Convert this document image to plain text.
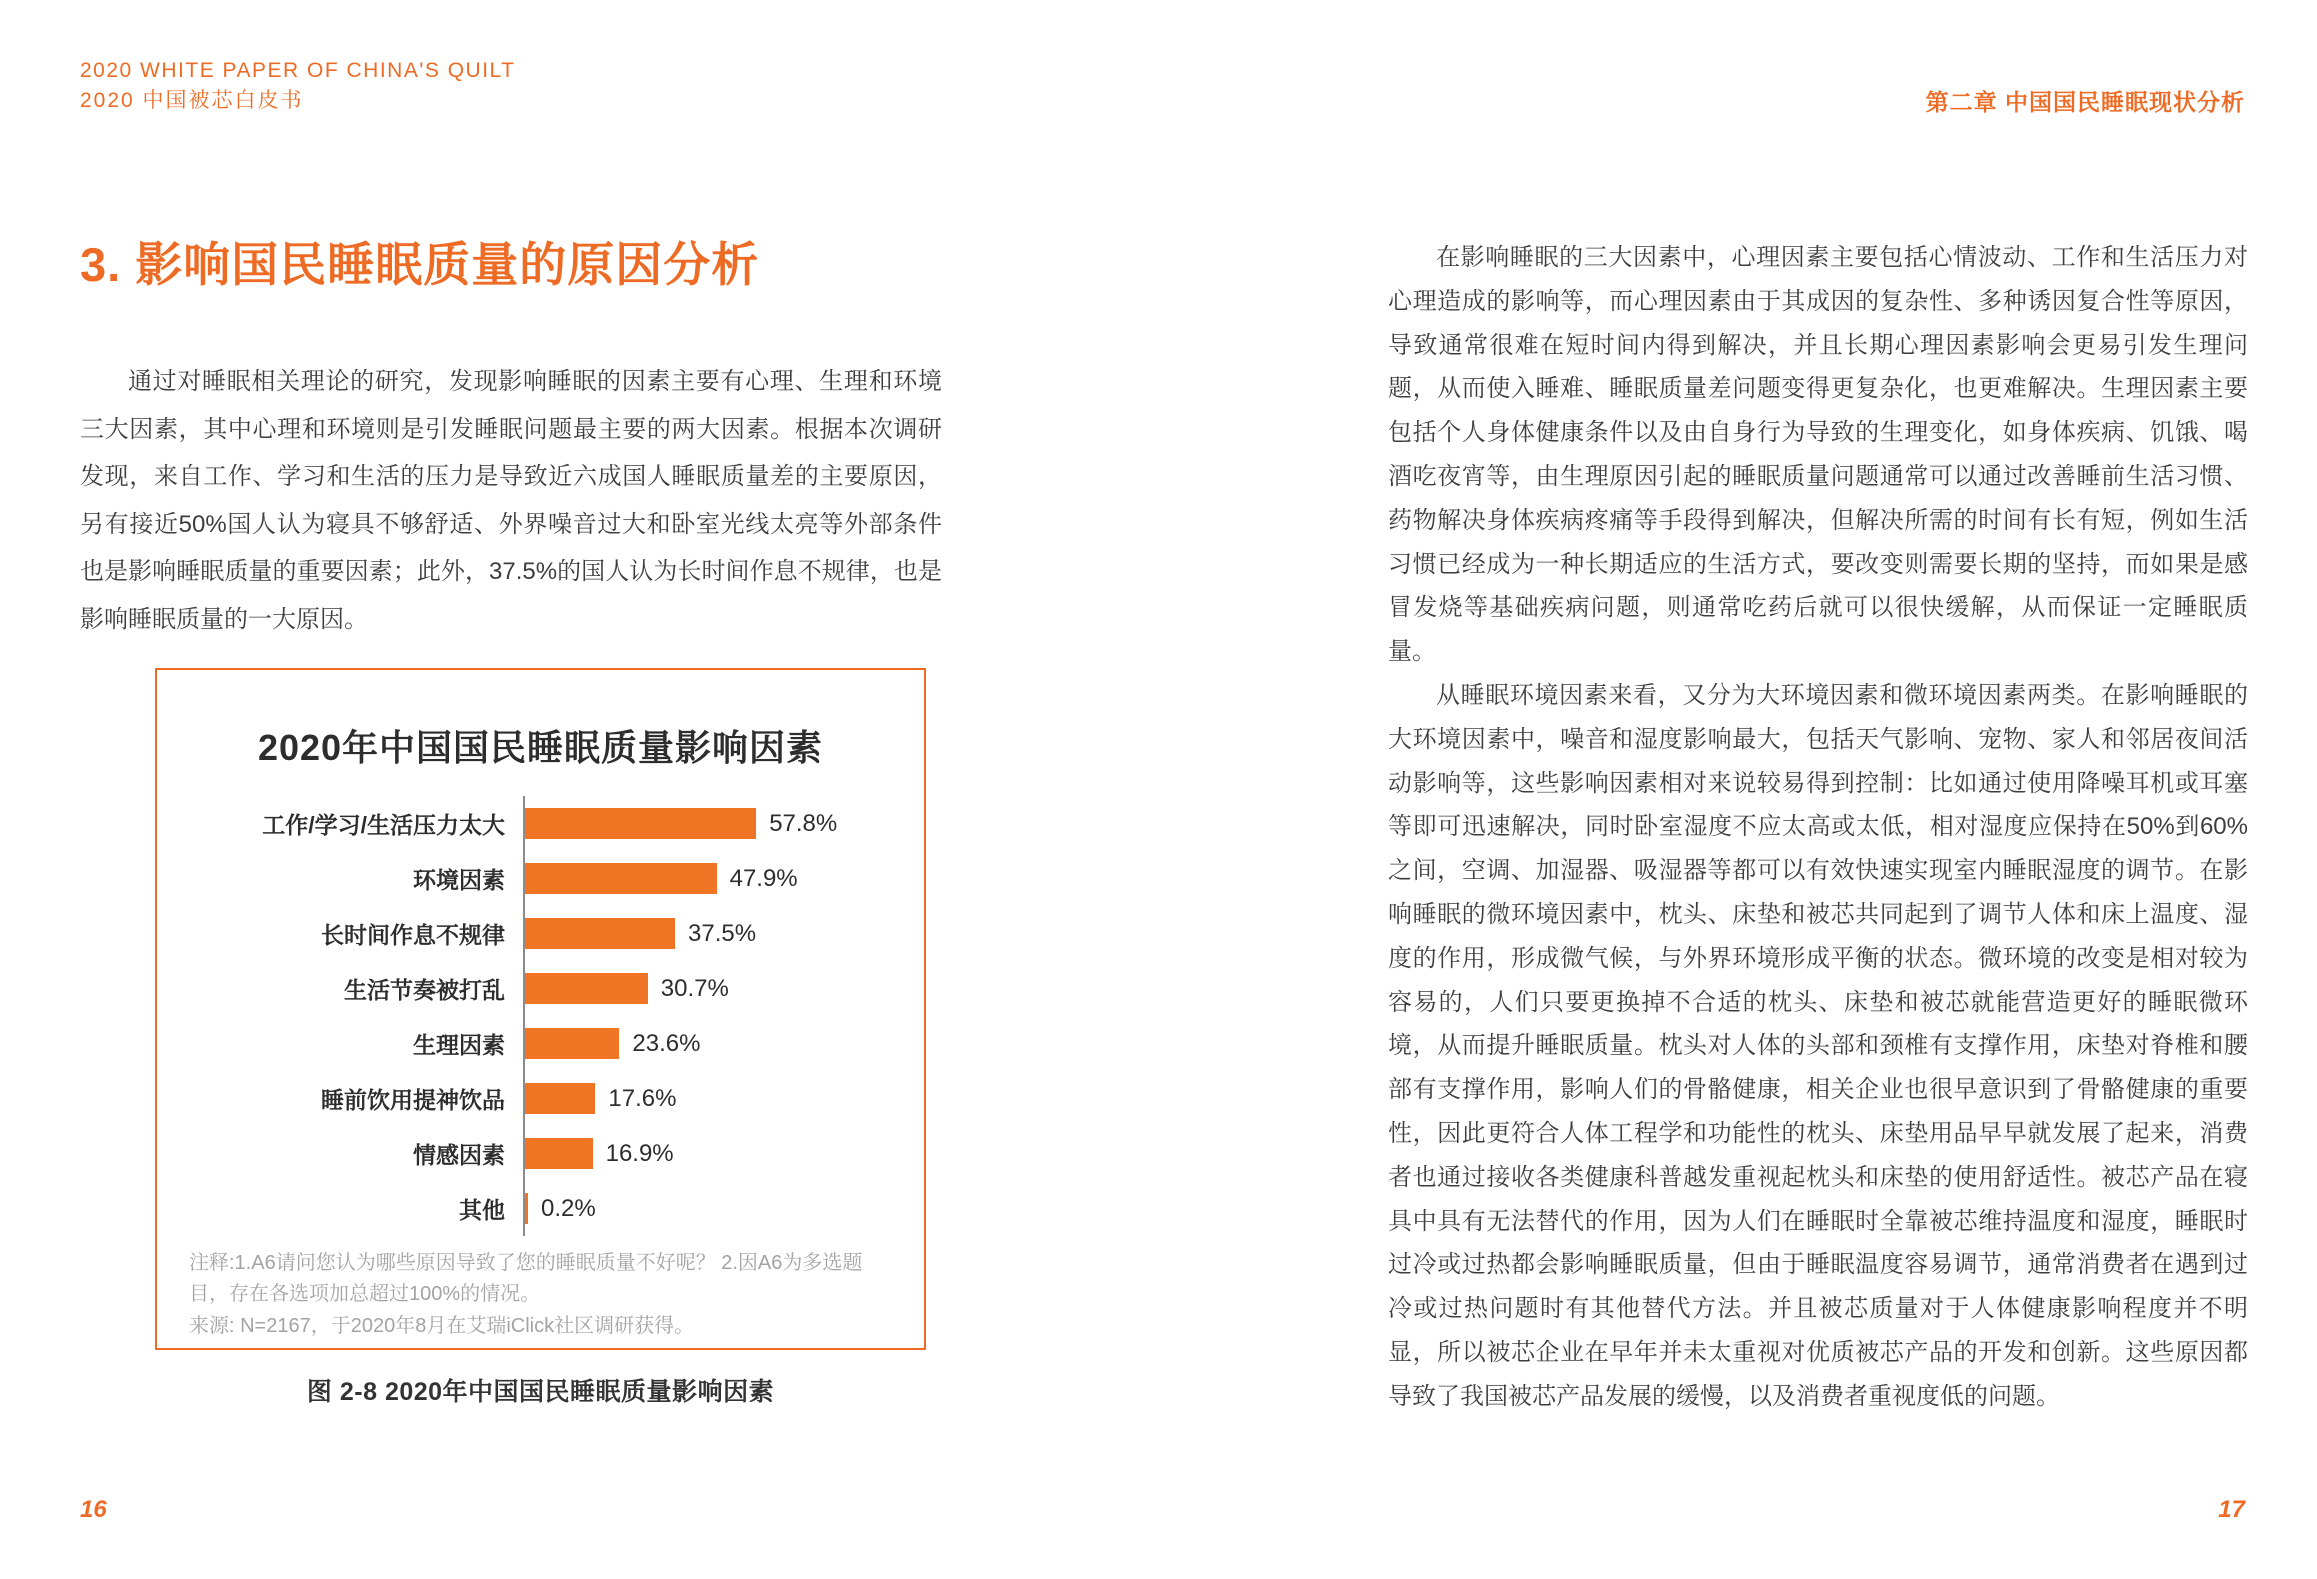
2020 WHITE PAPER OF CHINA'S QUILT
2020 中国被芯白皮书	第二章 中国国民睡眠现状分析
3. 影响国民睡眠质量的原因分析

通过对睡眠相关理论的研究，发现影响睡眠的因素主要有心理、生理和环境三大因素，其中心理和环境则是引发睡眠问题最主要的两大因素。根据本次调研发现，来自工作、学习和生活的压力是导致近六成国人睡眠质量差的主要原因，另有接近50%国人认为寝具不够舒适、外界噪音过大和卧室光线太亮等外部条件也是影响睡眠质量的重要因素；此外，37.5%的国人认为长时间作息不规律，也是影响睡眠质量的一大原因。

2020年中国国民睡眠质量影响因素
工作/学习/生活压力太大	57.8%
环境因素	47.9%
长时间作息不规律	37.5%
生活节奏被打乱	30.7%
生理因素	23.6%
睡前饮用提神饮品	17.6%
情感因素	16.9%
其他	0.2%
注释:1.A6请问您认为哪些原因导致了您的睡眠质量不好呢？ 2.因A6为多选题目，存在各选项加总超过100%的情况。
来源: N=2167，于2020年8月在艾瑞iClick社区调研获得。
图 2-8 2020年中国国民睡眠质量影响因素

在影响睡眠的三大因素中，心理因素主要包括心情波动、工作和生活压力对心理造成的影响等，而心理因素由于其成因的复杂性、多种诱因复合性等原因，导致通常很难在短时间内得到解决，并且长期心理因素影响会更易引发生理问题，从而使入睡难、睡眠质量差问题变得更复杂化，也更难解决。生理因素主要包括个人身体健康条件以及由自身行为导致的生理变化，如身体疾病、饥饿、喝酒吃夜宵等，由生理原因引起的睡眠质量问题通常可以通过改善睡前生活习惯、药物解决身体疾病疼痛等手段得到解决，但解决所需的时间有长有短，例如生活习惯已经成为一种长期适应的生活方式，要改变则需要长期的坚持，而如果是感冒发烧等基础疾病问题，则通常吃药后就可以很快缓解，从而保证一定睡眠质量。

从睡眠环境因素来看，又分为大环境因素和微环境因素两类。在影响睡眠的大环境因素中，噪音和湿度影响最大，包括天气影响、宠物、家人和邻居夜间活动影响等，这些影响因素相对来说较易得到控制：比如通过使用降噪耳机或耳塞等即可迅速解决，同时卧室湿度不应太高或太低，相对湿度应保持在50%到60%之间，空调、加湿器、吸湿器等都可以有效快速实现室内睡眠湿度的调节。在影响睡眠的微环境因素中，枕头、床垫和被芯共同起到了调节人体和床上温度、湿度的作用，形成微气候，与外界环境形成平衡的状态。微环境的改变是相对较为容易的，人们只要更换掉不合适的枕头、床垫和被芯就能营造更好的睡眠微环境，从而提升睡眠质量。枕头对人体的头部和颈椎有支撑作用，床垫对脊椎和腰部有支撑作用，影响人们的骨骼健康，相关企业也很早意识到了骨骼健康的重要性，因此更符合人体工程学和功能性的枕头、床垫用品早早就发展了起来，消费者也通过接收各类健康科普越发重视起枕头和床垫的使用舒适性。被芯产品在寝具中具有无法替代的作用，因为人们在睡眠时全靠被芯维持温度和湿度，睡眠时过冷或过热都会影响睡眠质量，但由于睡眠温度容易调节，通常消费者在遇到过冷或过热问题时有其他替代方法。并且被芯质量对于人体健康影响程度并不明显，所以被芯企业在早年并未太重视对优质被芯产品的开发和创新。这些原因都导致了我国被芯产品发展的缓慢，以及消费者重视度低的问题。

16	17
